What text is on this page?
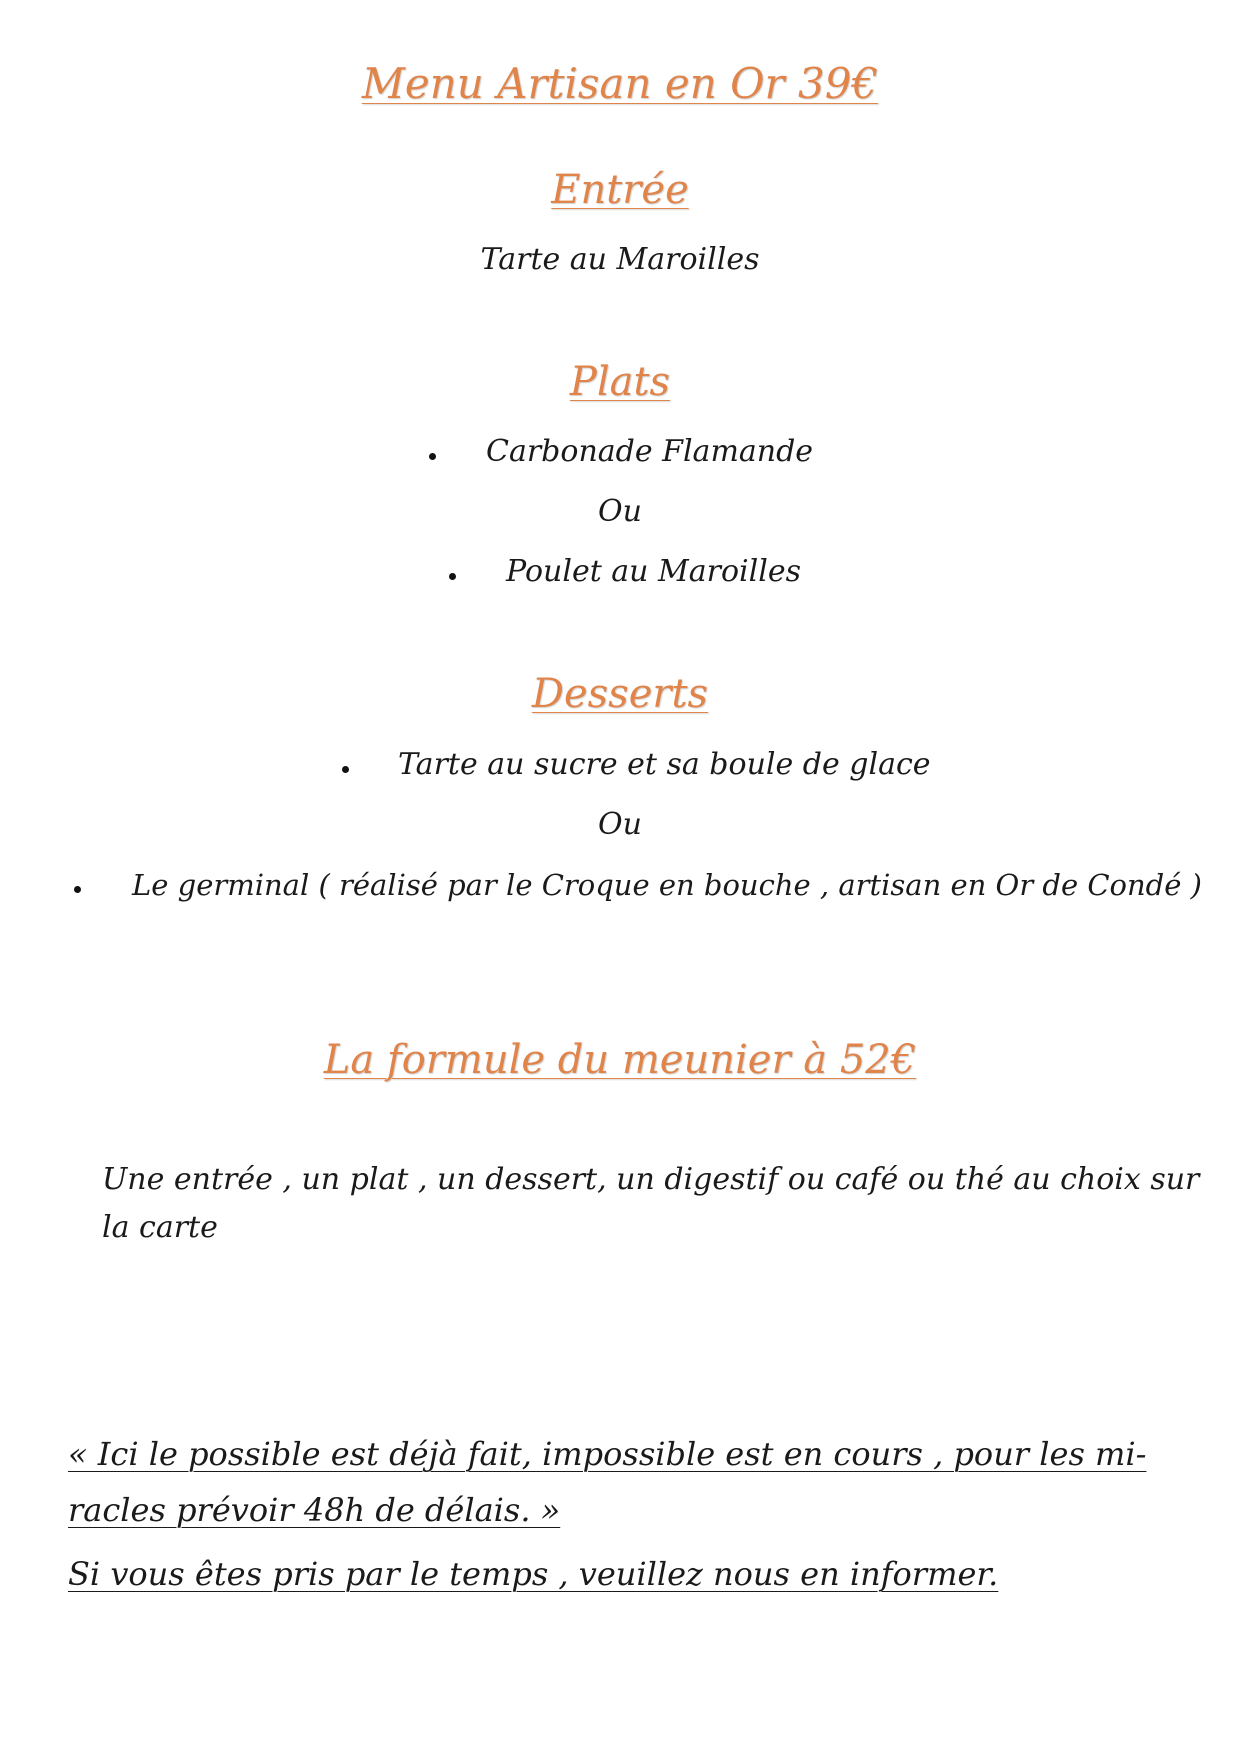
Menu Artisan en Or 39€
Entrée
Tarte au Maroilles
Plats
Carbonade Flamande
Ou
Poulet au Maroilles
Desserts
Tarte au sucre et sa boule de glace
Ou
Le germinal ( réalisé par le Croque en bouche , artisan en Or de Condé )
La formule du meunier à 52€
Une entrée , un plat , un dessert, un digestif ou café ou thé au choix sur
la carte
« Ici le possible est déjà fait, impossible est en cours , pour les mi-
racles prévoir 48h de délais. »
Si vous êtes pris par le temps , veuillez nous en informer.
